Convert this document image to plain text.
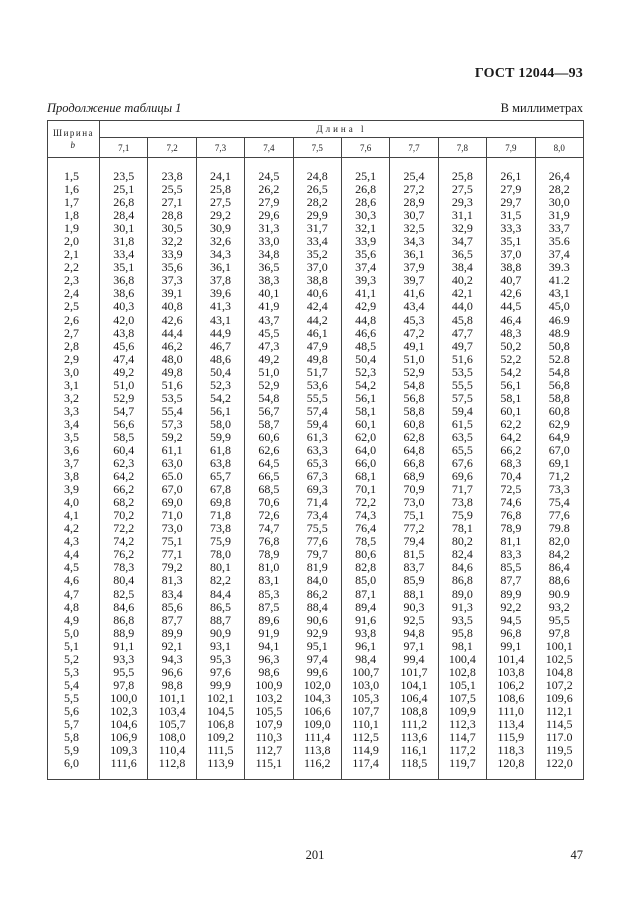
ГОСТ 12044—93
Продолжение таблицы 1	В миллиметрах
Ширина
b	Длина l									
	7,1	7,2	7,3	7,4	7,5	7,6	7,7	7,8	7,9	8,0
1,5	23,5	23,8	24,1	24,5	24,8	25,1	25,4	25,8	26,1	26,4
1,6	25,1	25,5	25,8	26,2	26,5	26,8	27,2	27,5	27,9	28,2
1,7	26,8	27,1	27,5	27,9	28,2	28,6	28,9	29,3	29,7	30,0
1,8	28,4	28,8	29,2	29,6	29,9	30,3	30,7	31,1	31,5	31,9
1,9	30,1	30,5	30,9	31,3	31,7	32,1	32,5	32,9	33,3	33,7
2,0	31,8	32,2	32,6	33,0	33,4	33,9	34,3	34,7	35,1	35.6
2,1	33,4	33,9	34,3	34,8	35,2	35,6	36,1	36,5	37,0	37,4
2,2	35,1	35,6	36,1	36,5	37,0	37,4	37,9	38,4	38,8	39.3
2,3	36,8	37,3	37,8	38,3	38,8	39,3	39,7	40,2	40,7	41.2
2,4	38,6	39,1	39,6	40,1	40,6	41,1	41,6	42,1	42,6	43,1
2,5	40,3	40,8	41,3	41,9	42,4	42,9	43,4	44,0	44,5	45,0
2,6	42,0	42,6	43,1	43,7	44,2	44,8	45,3	45,8	46,4	46.9
2,7	43,8	44,4	44,9	45,5	46,1	46,6	47,2	47,7	48,3	48.9
2,8	45,6	46,2	46,7	47,3	47,9	48,5	49,1	49,7	50,2	50,8
2,9	47,4	48,0	48,6	49,2	49,8	50,4	51,0	51,6	52,2	52.8
3,0	49,2	49,8	50,4	51,0	51,7	52,3	52,9	53,5	54,2	54,8
3,1	51,0	51,6	52,3	52,9	53,6	54,2	54,8	55,5	56,1	56,8
3,2	52,9	53,5	54,2	54,8	55,5	56,1	56,8	57,5	58,1	58,8
3,3	54,7	55,4	56,1	56,7	57,4	58,1	58,8	59,4	60,1	60,8
3,4	56,6	57,3	58,0	58,7	59,4	60,1	60,8	61,5	62,2	62,9
3,5	58,5	59,2	59,9	60,6	61,3	62,0	62,8	63,5	64,2	64,9
3,6	60,4	61,1	61,8	62,6	63,3	64,0	64,8	65,5	66,2	67,0
3,7	62,3	63,0	63,8	64,5	65,3	66,0	66,8	67,6	68,3	69,1
3,8	64,2	65.0	65,7	66,5	67,3	68,1	68,9	69,6	70,4	71,2
3,9	66,2	67,0	67,8	68,5	69,3	70,1	70,9	71,7	72,5	73,3
4,0	68,2	69,0	69,8	70,6	71,4	72,2	73,0	73,8	74,6	75,4
4,1	70,2	71,0	71,8	72,6	73,4	74,3	75,1	75,9	76,8	77,6
4,2	72,2	73,0	73,8	74,7	75,5	76,4	77,2	78,1	78,9	79.8
4,3	74,2	75,1	75,9	76,8	77,6	78,5	79,4	80,2	81,1	82,0
4,4	76,2	77,1	78,0	78,9	79,7	80,6	81,5	82,4	83,3	84,2
4,5	78,3	79,2	80,1	81,0	81,9	82,8	83,7	84,6	85,5	86,4
4,6	80,4	81,3	82,2	83,1	84,0	85,0	85,9	86,8	87,7	88,6
4,7	82,5	83,4	84,4	85,3	86,2	87,1	88,1	89,0	89,9	90.9
4,8	84,6	85,6	86,5	87,5	88,4	89,4	90,3	91,3	92,2	93,2
4,9	86,8	87,7	88,7	89,6	90,6	91,6	92,5	93,5	94,5	95,5
5,0	88,9	89,9	90,9	91,9	92,9	93,8	94,8	95,8	96,8	97,8
5,1	91,1	92,1	93,1	94,1	95,1	96,1	97,1	98,1	99,1	100,1
5,2	93,3	94,3	95,3	96,3	97,4	98,4	99,4	100,4	101,4	102,5
5,3	95,5	96,6	97,6	98,6	99,6	100,7	101,7	102,8	103,8	104,8
5,4	97,8	98,8	99,9	100,9	102,0	103,0	104,1	105,1	106,2	107,2
5,5	100,0	101,1	102,1	103,2	104,3	105,3	106,4	107,5	108,6	109,6
5,6	102,3	103,4	104,5	105,5	106,6	107,7	108,8	109,9	111,0	112,1
5,7	104,6	105,7	106,8	107,9	109,0	110,1	111,2	112,3	113,4	114,5
5,8	106,9	108,0	109,2	110,3	111,4	112,5	113,6	114,7	115,9	117.0
5,9	109,3	110,4	111,5	112,7	113,8	114,9	116,1	117,2	118,3	119,5
6,0	111,6	112,8	113,9	115,1	116,2	117,4	118,5	119,7	120,8	122,0
201	47
